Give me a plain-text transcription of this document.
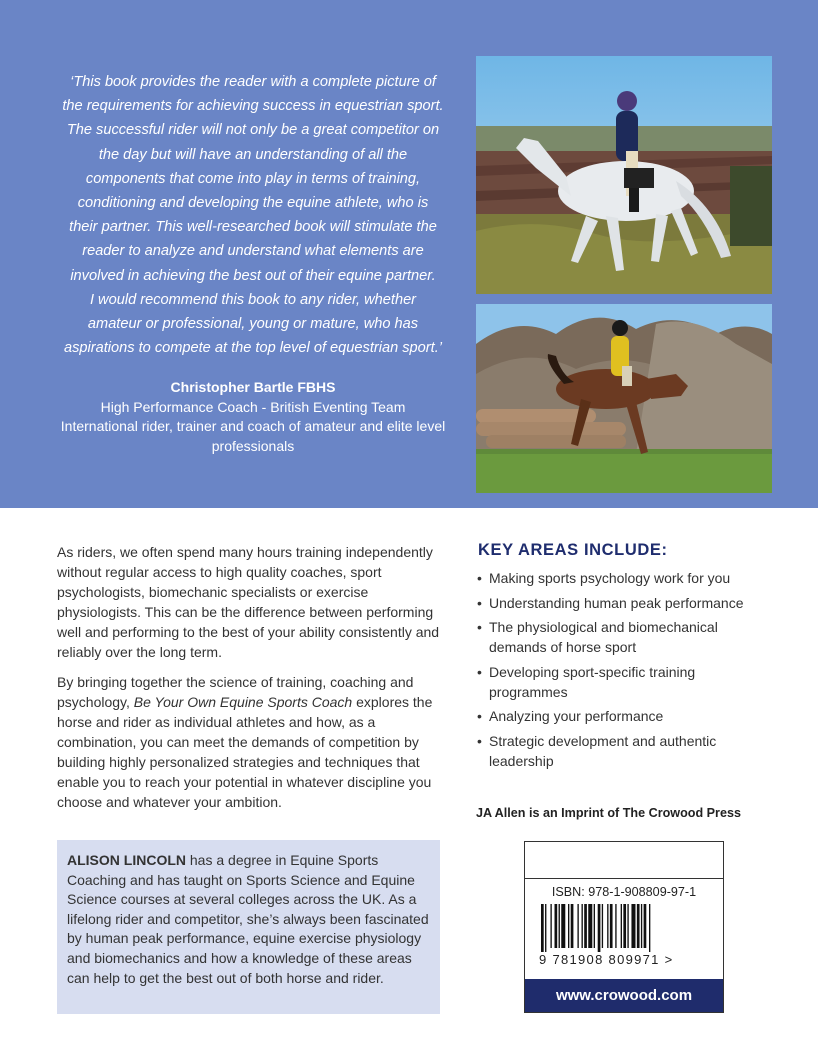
‘This book provides the reader with a complete picture of
the requirements for achieving success in equestrian sport.
The successful rider will not only be a great competitor on
the day but will have an understanding of all the
components that come into play in terms of training,
conditioning and developing the equine athlete, who is
their partner. This well-researched book will stimulate the
reader to analyze and understand what elements are
involved in achieving the best out of their equine partner.
I would recommend this book to any rider, whether
amateur or professional, young or mature, who has
aspirations to compete at the top level of equestrian sport.’

Christopher Bartle FBHS
High Performance Coach - British Eventing Team
International rider, trainer and coach of amateur and elite level professionals

As riders, we often spend many hours training independently without regular access to high quality coaches, sport psychologists, biomechanic specialists or exercise physiologists. This can be the difference between performing well and performing to the best of your ability consistently and reliably over the long term.

By bringing together the science of training, coaching and psychology, Be Your Own Equine Sports Coach explores the horse and rider as individual athletes and how, as a combination, you can meet the demands of competition by building highly personalized strategies and techniques that enable you to reach your potential in whatever discipline you choose and whatever your ambition.

KEY AREAS INCLUDE:
• Making sports psychology work for you
• Understanding human peak performance
• The physiological and biomechanical demands of horse sport
• Developing sport-specific training programmes
• Analyzing your performance
• Strategic development and authentic leadership
JA Allen is an Imprint of The Crowood Press
ALISON LINCOLN has a degree in Equine Sports Coaching and has taught on Sports Science and Equine Science courses at several colleges across the UK. As a lifelong rider and competitor, she’s always been fascinated by human peak performance, equine exercise physiology and biomechanics and how a knowledge of these areas can help to get the best out of both horse and rider.
ISBN: 978-1-908809-97-1
9 781908 809971 >
www.crowood.com
